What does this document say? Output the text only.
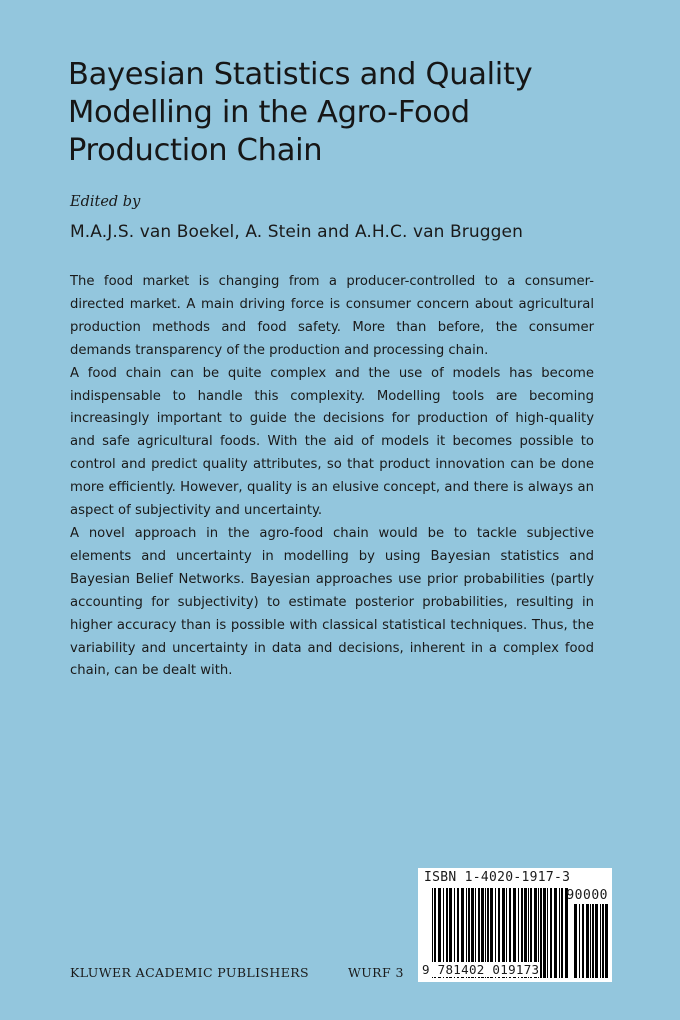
Bayesian Statistics and Quality
Modelling in the Agro-Food
Production Chain
Edited by
M.A.J.S. van Boekel, A. Stein and A.H.C. van Bruggen

The food market is changing from a producer-controlled to a consumer-directed market. A main driving force is consumer concern about agricultural production methods and food safety. More than before, the consumer demands transparency of the production and processing chain.

A food chain can be quite complex and the use of models has become indispensable to handle this complexity. Modelling tools are becoming increasingly important to guide the decisions for production of high-quality and safe agricultural foods. With the aid of models it becomes possible to control and predict quality attributes, so that product innovation can be done more efficiently. However, quality is an elusive concept, and there is always an aspect of subjectivity and uncertainty.

A novel approach in the agro-food chain would be to tackle subjective elements and uncertainty in modelling by using Bayesian statistics and Bayesian Belief Networks. Bayesian approaches use prior probabilities (partly accounting for subjectivity) to estimate posterior probabilities, resulting in higher accuracy than is possible with classical statistical techniques. Thus, the variability and uncertainty in data and decisions, inherent in a complex food chain, can be dealt with.

KLUWER ACADEMIC PUBLISHERS	WURF 3
ISBN 1-4020-1917-3
90000
9 781402 019173
